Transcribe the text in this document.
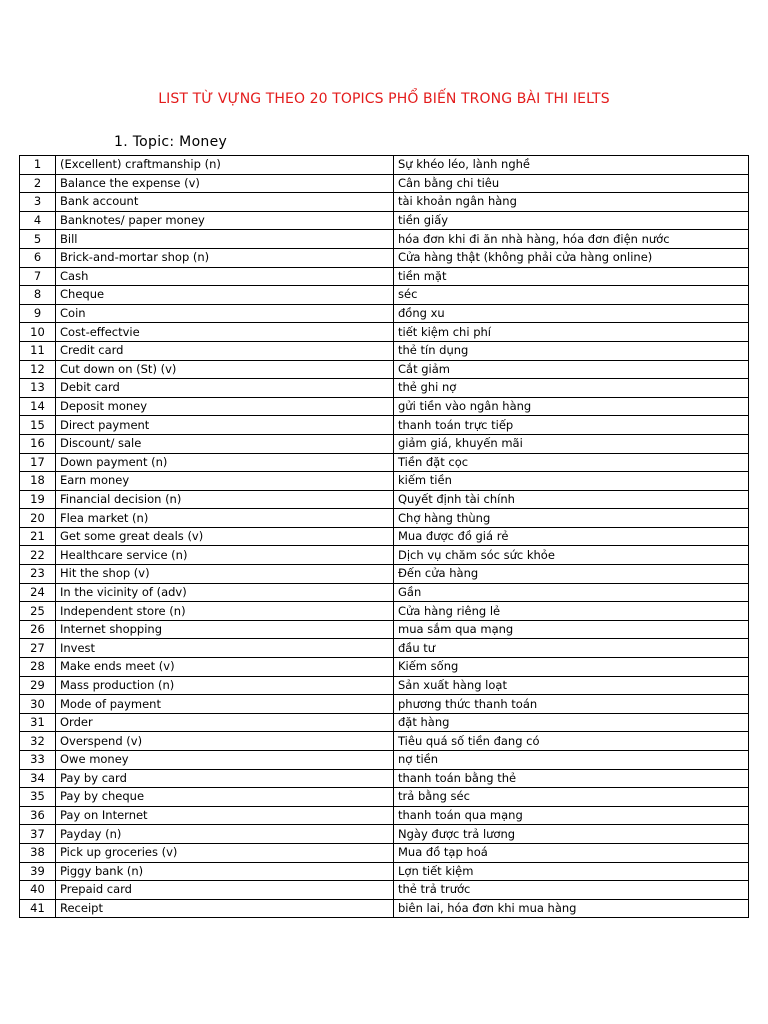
LIST TỪ VỰNG THEO 20 TOPICS PHỔ BIẾN TRONG BÀI THI IELTS
1. Topic: Money
1	(Excellent) craftmanship (n)	Sự khéo léo, lành nghề
2	Balance the expense (v)	Cân bằng chi tiêu
3	Bank account	tài khoản ngân hàng
4	Banknotes/ paper money	tiền giấy
5	Bill	hóa đơn khi đi ăn nhà hàng, hóa đơn điện nước
6	Brick-and-mortar shop (n)	Cửa hàng thật (không phải cửa hàng online)
7	Cash	tiền mặt
8	Cheque	séc
9	Coin	đồng xu
10	Cost-effectvie	tiết kiệm chi phí
11	Credit card	thẻ tín dụng
12	Cut down on (St) (v)	Cắt giảm
13	Debit card	thẻ ghi nợ
14	Deposit money	gửi tiền vào ngân hàng
15	Direct payment	thanh toán trực tiếp
16	Discount/ sale	giảm giá, khuyến mãi
17	Down payment (n)	Tiền đặt cọc
18	Earn money	kiếm tiền
19	Financial decision (n)	Quyết định tài chính
20	Flea market (n)	Chợ hàng thùng
21	Get some great deals (v)	Mua được đồ giá rẻ
22	Healthcare service (n)	Dịch vụ chăm sóc sức khỏe
23	Hit the shop (v)	Đến cửa hàng
24	In the vicinity of (adv)	Gần
25	Independent store (n)	Cửa hàng riêng lẻ
26	Internet shopping	mua sắm qua mạng
27	Invest	đầu tư
28	Make ends meet (v)	Kiếm sống
29	Mass production (n)	Sản xuất hàng loạt
30	Mode of payment	phương thức thanh toán
31	Order	đặt hàng
32	Overspend (v)	Tiêu quá số tiền đang có
33	Owe money	nợ tiền
34	Pay by card	thanh toán bằng thẻ
35	Pay by cheque	trả bằng séc
36	Pay on Internet	thanh toán qua mạng
37	Payday (n)	Ngày được trả lương
38	Pick up groceries (v)	Mua đồ tạp hoá
39	Piggy bank (n)	Lợn tiết kiệm
40	Prepaid card	thẻ trả trước
41	Receipt	biên lai, hóa đơn khi mua hàng
